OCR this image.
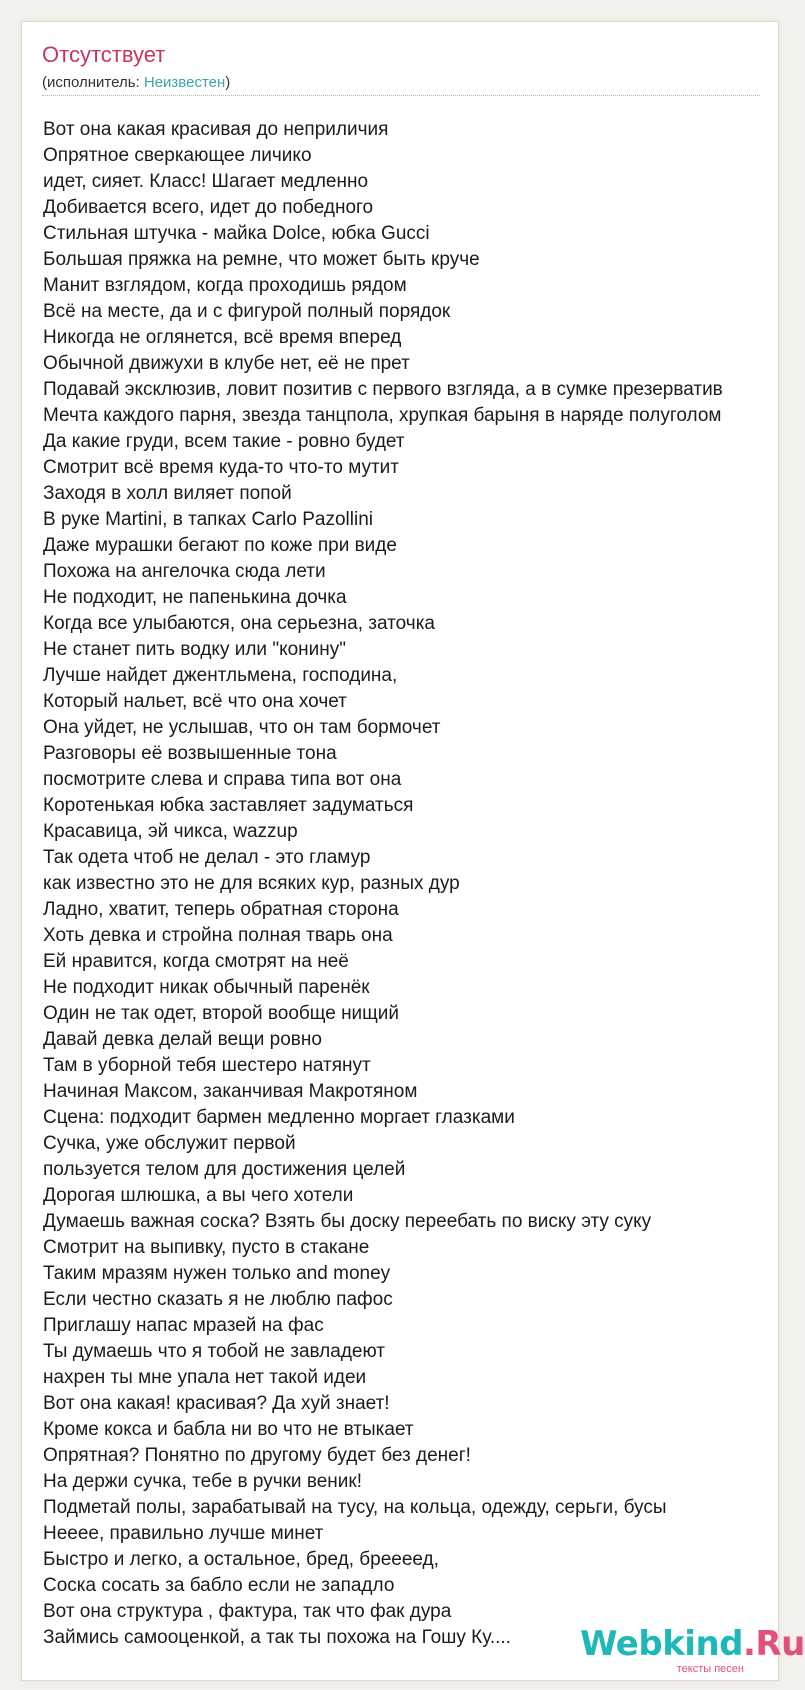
Отсутствует
(исполнитель: Неизвестен)
Вот она какая красивая до неприличия
Опрятное сверкающее личико
идет, сияет. Класс! Шагает медленно
Добивается всего, идет до победного
Стильная штучка - майка Dolce, юбка Gucci
Большая пряжка на ремне, что может быть круче
Манит взглядом, когда проходишь рядом
Всё на месте, да и с фигурой полный порядок
Никогда не оглянется, всё время вперед
Обычной движухи в клубе нет, её не прет
Подавай эксклюзив, ловит позитив с первого взгляда, а в сумке презерватив
Мечта каждого парня, звезда танцпола, хрупкая барыня в наряде полуголом
Да какие груди, всем такие - ровно будет
Смотрит всё время куда-то что-то мутит
Заходя в холл виляет попой
В руке Martini, в тапках Carlo Pazollini
Даже мурашки бегают по коже при виде
Похожа на ангелочка сюда лети
Не подходит, не папенькина дочка
Когда все улыбаются, она серьезна, заточка
Не станет пить водку или "конину"
Лучше найдет джентльмена, господина,
Который нальет, всё что она хочет
Она уйдет, не услышав, что он там бормочет
Разговоры её возвышенные тона
посмотрите слева и справа типа вот она
Коротенькая юбка заставляет задуматься
Красавица, эй чикса, wazzup
Так одета чтоб не делал - это гламур
как известно это не для всяких кур, разных дур
Ладно, хватит, теперь обратная сторона
Хоть девка и стройна полная тварь она
Ей нравится, когда смотрят на неё
Не подходит никак обычный паренёк
Один не так одет, второй вообще нищий
Давай девка делай вещи ровно
Там в уборной тебя шестеро натянут
Начиная Максом, заканчивая Макротяном
Сцена: подходит бармен медленно моргает глазками
Сучка, уже обслужит первой
пользуется телом для достижения целей
Дорогая шлюшка, а вы чего хотели
Думаешь важная соска? Взять бы доску переебать по виску эту суку
Смотрит на выпивку, пусто в стакане
Таким мразям нужен только and money
Если честно сказать я не люблю пафос
Приглашу напас мразей на фас
Ты думаешь что я тобой не завладеют
нахрен ты мне упала нет такой идеи
Вот она какая! красивая? Да хуй знает!
Кроме кокса и бабла ни во что не втыкает
Опрятная? Понятно по другому будет без денег!
На держи сучка, тебе в ручки веник!
Подметай полы, зарабатывай на тусу, на кольца, одежду, серьги, бусы
Нееее, правильно лучше минет
Быстро и легко, а остальное, бред, бреееед,
Соска сосать за бабло если не западло
Вот она структура , фактура, так что фак дура
Займись самооценкой, а так ты похожа на Гошу Ку....	Webkind.Ru
тексты песен
